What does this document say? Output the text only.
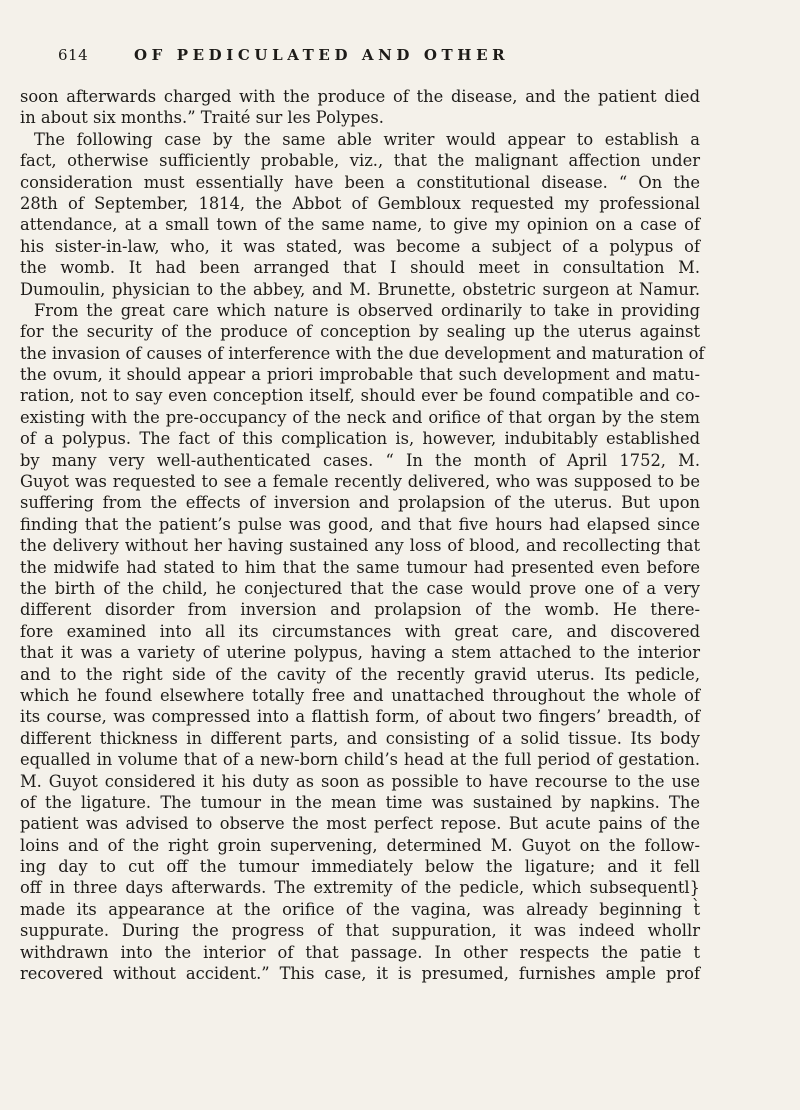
614	OF PEDICULATED AND OTHER
soon afterwards charged with the produce of the disease, and the patient died
in about six months.” Traité sur les Polypes.
The following case by the same able writer would appear to establish a
fact, otherwise sufficiently probable, viz., that the malignant affection under
consideration must essentially have been a constitutional disease. “ On the
28th of September, 1814, the Abbot of Gembloux requested my professional
attendance, at a small town of the same name, to give my opinion on a case of
his sister-in-law, who, it was stated, was become a subject of a polypus of
the womb. It had been arranged that I should meet in consultation M.
Dumoulin, physician to the abbey, and M. Brunette, obstetric surgeon at Namur.
From the great care which nature is observed ordinarily to take in providing
for the security of the produce of conception by sealing up the uterus against
the invasion of causes of interference with the due development and maturation of
the ovum, it should appear a priori improbable that such development and matu-
ration, not to say even conception itself, should ever be found compatible and co-
existing with the pre-occupancy of the neck and orifice of that organ by the stem
of a polypus. The fact of this complication is, however, indubitably established
by many very well-authenticated cases. “ In the month of April 1752, M.
Guyot was requested to see a female recently delivered, who was supposed to be
suffering from the effects of inversion and prolapsion of the uterus. But upon
finding that the patient’s pulse was good, and that five hours had elapsed since
the delivery without her having sustained any loss of blood, and recollecting that
the midwife had stated to him that the same tumour had presented even before
the birth of the child, he conjectured that the case would prove one of a very
different disorder from inversion and prolapsion of the womb. He there-
fore examined into all its circumstances with great care, and discovered
that it was a variety of uterine polypus, having a stem attached to the interior
and to the right side of the cavity of the recently gravid uterus. Its pedicle,
which he found elsewhere totally free and unattached throughout the whole of
its course, was compressed into a flattish form, of about two fingers’ breadth, of
different thickness in different parts, and consisting of a solid tissue. Its body
equalled in volume that of a new-born child’s head at the full period of gestation.
M. Guyot considered it his duty as soon as possible to have recourse to the use
of the ligature. The tumour in the mean time was sustained by napkins. The
patient was advised to observe the most perfect repose. But acute pains of the
loins and of the right groin supervening, determined M. Guyot on the follow-
ing day to cut off the tumour immediately below the ligature; and it fell
off in three days afterwards. The extremity of the pedicle, which subsequentl}
made its appearance at the orifice of the vagina, was already beginning t̀
suppurate. During the progress of that suppuration, it was indeed whollr
withdrawn into the interior of that passage. In other respects the patie t
recovered without accident.” This case, it is presumed, furnishes ample prof
